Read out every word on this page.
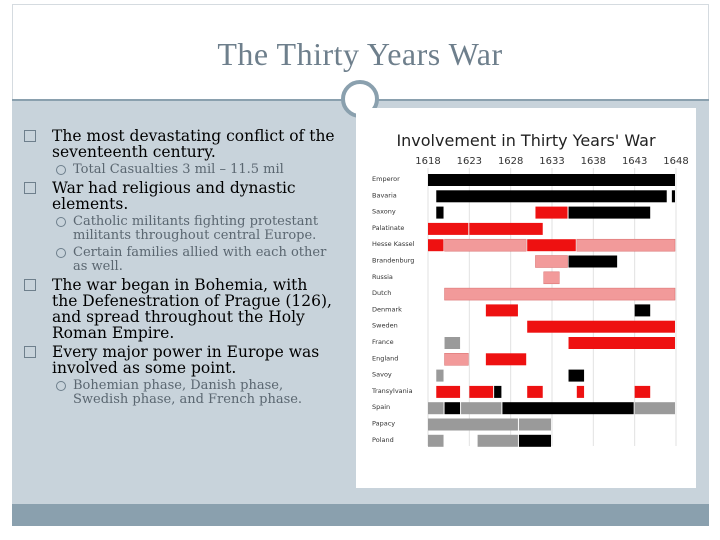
The Thirty Years War
The most devastating conflict of the seventeenth century.
Total Casualties 3 mil – 11.5 mil
War had religious and dynastic elements.
Catholic militants fighting protestant militants throughout central Europe.
Certain families allied with each other as well.
The war began in Bohemia, with the Defenestration of Prague (126), and spread throughout the Holy Roman Empire.
Every major power in Europe was involved as some point.
Bohemian phase, Danish phase, Swedish phase, and French phase.
Involvement in Thirty Years' War
1618 1623 1628 1633 1638 1643 1648
Emperor
Bavaria
Saxony
Palatinate
Hesse Kassel
Brandenburg
Russia
Dutch
Denmark
Sweden
France
England
Savoy
Transylvania
Spain
Papacy
Poland
